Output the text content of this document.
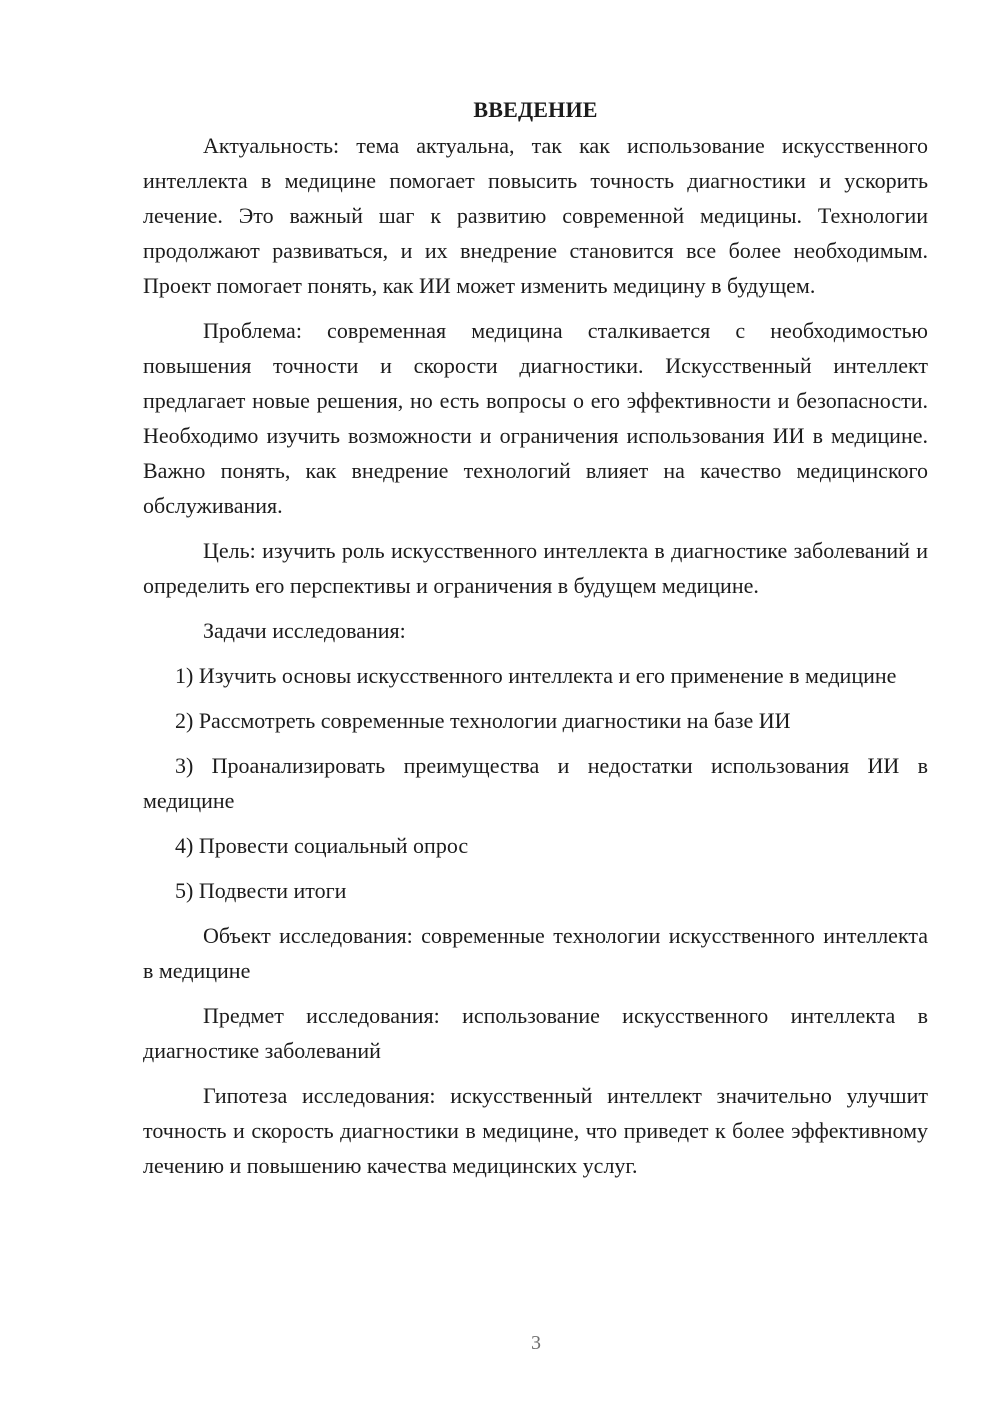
ВВЕДЕНИЕ

Актуальность: тема актуальна, так как использование искусственного интеллекта в медицине помогает повысить точность диагностики и ускорить лечение. Это важный шаг к развитию современной медицины. Технологии продолжают развиваться, и их внедрение становится все более необходимым. Проект помогает понять, как ИИ может изменить медицину в будущем.

Проблема: современная медицина сталкивается с необходимостью повышения точности и скорости диагностики. Искусственный интеллект предлагает новые решения, но есть вопросы о его эффективности и безопасности. Необходимо изучить возможности и ограничения использования ИИ в медицине. Важно понять, как внедрение технологий влияет на качество медицинского обслуживания.

Цель: изучить роль искусственного интеллекта в диагностике заболеваний и определить его перспективы и ограничения в будущем медицине.

Задачи исследования:

1) Изучить основы искусственного интеллекта и его применение в медицине

2) Рассмотреть современные технологии диагностики на базе ИИ

3) Проанализировать преимущества и недостатки использования ИИ в медицине

4) Провести социальный опрос

5) Подвести итоги

Объект исследования: современные технологии искусственного интеллекта в медицине

Предмет исследования: использование искусственного интеллекта в диагностике заболеваний

Гипотеза исследования: искусственный интеллект значительно улучшит точность и скорость диагностики в медицине, что приведет к более эффективному лечению и повышению качества медицинских услуг.

3
